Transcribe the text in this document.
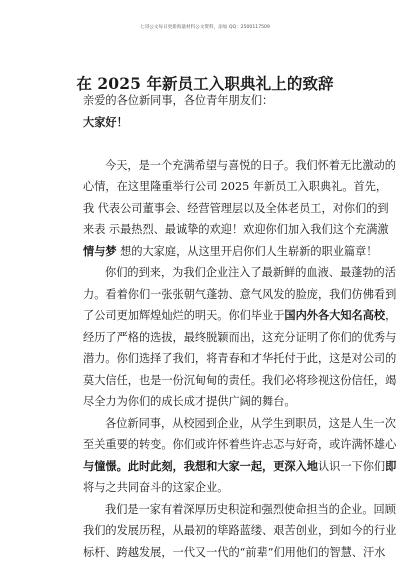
七哥公文每日更新海量材料公文资料，添加 QQ：2500117509
在 2025 年新员工入职典礼上的致辞

亲爱的各位新同事，各位青年朋友们：

大家好！

今天，是一个充满希望与喜悦的日子。我们怀着无比激动的

心情，在这里隆重举行公司 2025 年新员工入职典礼。首先，

我 代表公司董事会、经营管理层以及全体老员工，对你们的到

来表 示最热烈、最诚挚的欢迎！欢迎你们加入我们这个充满激

情与梦 想的大家庭，从这里开启你们人生崭新的职业篇章！

你们的到来，为我们企业注入了最新鲜的血液、最蓬勃的活

力。看着你们一张张朝气蓬勃、意气风发的脸庞，我们仿佛看到

了公司更加辉煌灿烂的明天。你们毕业于国内外各大知名高校，

经历了严格的选拔，最终脱颖而出，这充分证明了你们的优秀与

潜力。你们选择了我们，将青春和才华托付于此，这是对公司的

莫大信任，也是一份沉甸甸的责任。我们必将珍视这份信任，竭

尽全力为你们的成长成才提供广阔的舞台。

各位新同事，从校园到企业，从学生到职员，这是人生一次

至关重要的转变。你们或许怀着些许忐忑与好奇，或许满怀雄心

与憧憬。此时此刻，我想和大家一起，更深入地认识一下你们即

将与之共同奋斗的这家企业。

我们是一家有着深厚历史积淀和强烈使命担当的企业。回顾

我们的发展历程，从最初的筚路蓝缕、艰苦创业，到如今的行业

标杆、跨越发展，一代又一代的“前辈”们用他们的智慧、汗水
